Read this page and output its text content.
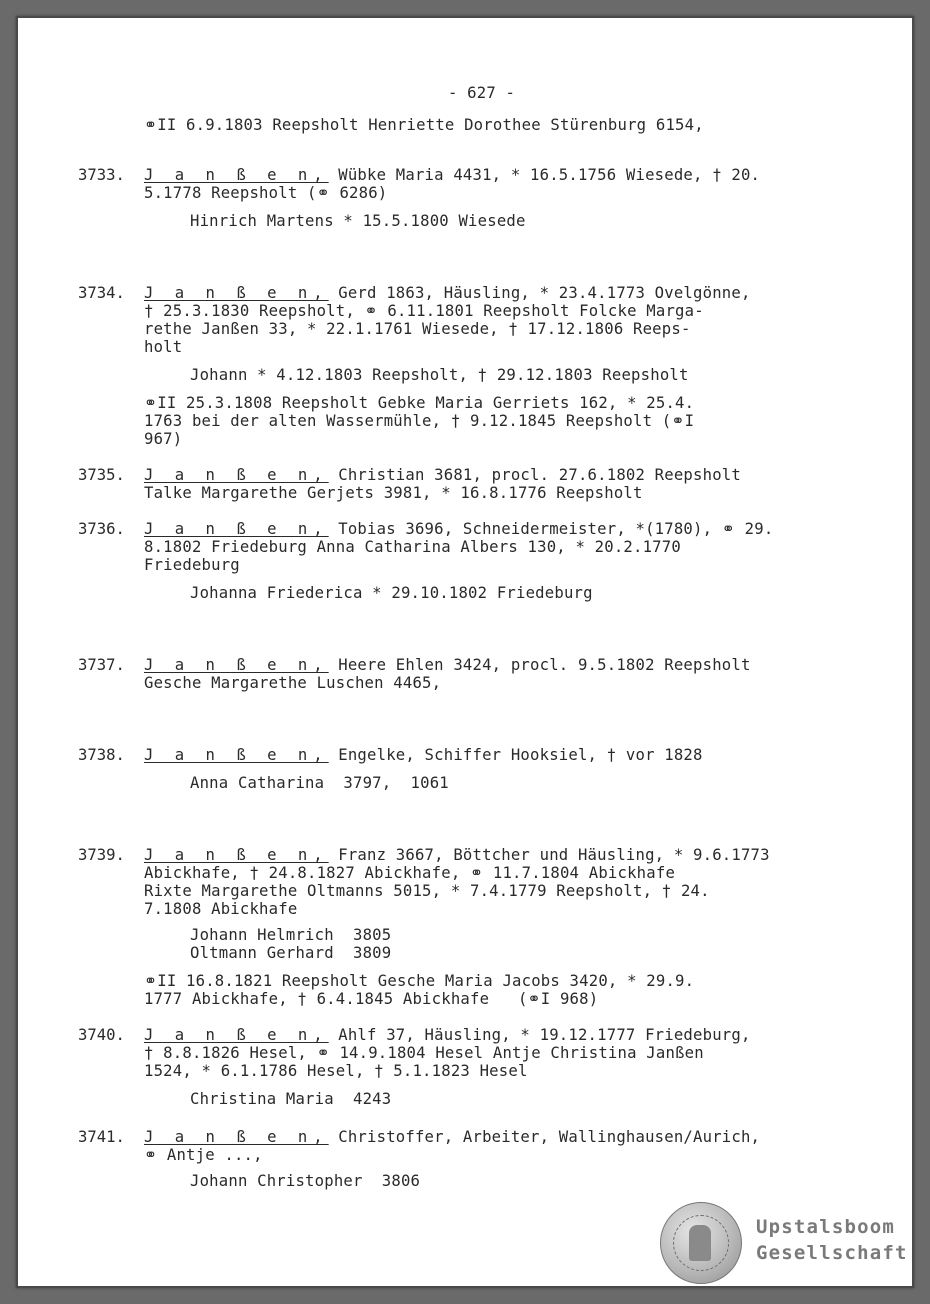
- 627 -
⚭II 6.9.1803 Reepsholt Henriette Dorothee Stürenburg 6154,
3733. J a n ß e n, Wübke Maria 4431, * 16.5.1756 Wiesede, † 20.
5.1778 Reepsholt (⚭ 6286)
Hinrich Martens * 15.5.1800 Wiesede
3734. J a n ß e n, Gerd 1863, Häusling, * 23.4.1773 Ovelgönne,
† 25.3.1830 Reepsholt, ⚭ 6.11.1801 Reepsholt Folcke Marga-
rethe Janßen 33, * 22.1.1761 Wiesede, † 17.12.1806 Reeps-
holt
Johann * 4.12.1803 Reepsholt, † 29.12.1803 Reepsholt
⚭II 25.3.1808 Reepsholt Gebke Maria Gerriets 162, * 25.4.
1763 bei der alten Wassermühle, † 9.12.1845 Reepsholt (⚭I
967)
3735. J a n ß e n, Christian 3681, procl. 27.6.1802 Reepsholt
Talke Margarethe Gerjets 3981, * 16.8.1776 Reepsholt
3736. J a n ß e n, Tobias 3696, Schneidermeister, *(1780), ⚭ 29.
8.1802 Friedeburg Anna Catharina Albers 130, * 20.2.1770
Friedeburg
Johanna Friederica * 29.10.1802 Friedeburg
3737. J a n ß e n, Heere Ehlen 3424, procl. 9.5.1802 Reepsholt
Gesche Margarethe Luschen 4465,
3738. J a n ß e n, Engelke, Schiffer Hooksiel, † vor 1828
Anna Catharina  3797,  1061
3739. J a n ß e n, Franz 3667, Böttcher und Häusling, * 9.6.1773
Abickhafe, † 24.8.1827 Abickhafe, ⚭ 11.7.1804 Abickhafe
Rixte Margarethe Oltmanns 5015, * 7.4.1779 Reepsholt, † 24.
7.1808 Abickhafe
Johann Helmrich  3805
Oltmann Gerhard  3809
⚭II 16.8.1821 Reepsholt Gesche Maria Jacobs 3420, * 29.9.
1777 Abickhafe, † 6.4.1845 Abickhafe   (⚭I 968)
3740. J a n ß e n, Ahlf 37, Häusling, * 19.12.1777 Friedeburg,
† 8.8.1826 Hesel, ⚭ 14.9.1804 Hesel Antje Christina Janßen
1524, * 6.1.1786 Hesel, † 5.1.1823 Hesel
Christina Maria  4243
3741. J a n ß e n, Christoffer, Arbeiter, Wallinghausen/Aurich,
⚭ Antje ...,
Johann Christopher  3806
Upstalsboom
Gesellschaft
